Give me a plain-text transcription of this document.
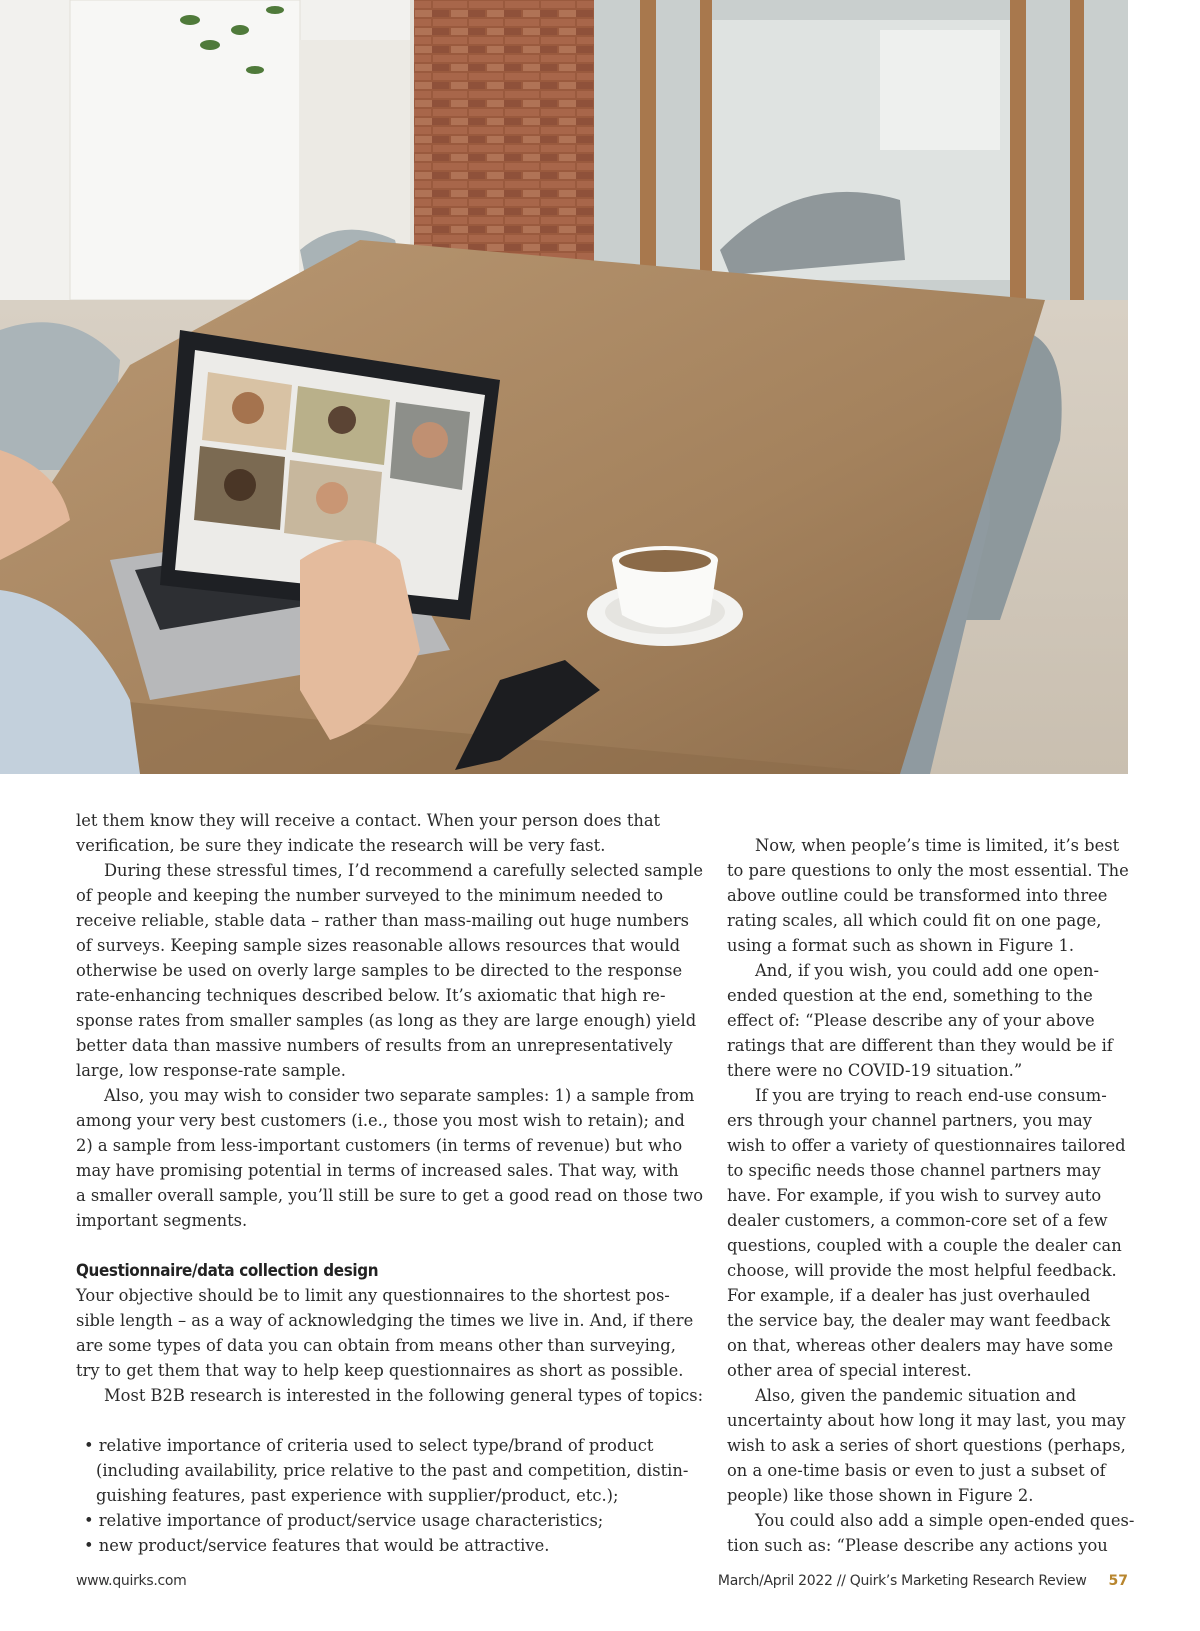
let them know they will receive a contact. When your person does that

verification, be sure they indicate the research will be very fast.

During these stressful times, I’d recommend a carefully selected sample

of people and keeping the number surveyed to the minimum needed to

receive reliable, stable data – rather than mass-mailing out huge numbers

of surveys. Keeping sample sizes reasonable allows resources that would

otherwise be used on overly large samples to be directed to the response

rate-enhancing techniques described below. It’s axiomatic that high re-

sponse rates from smaller samples (as long as they are large enough) yield

better data than massive numbers of results from an unrepresentatively

large, low response-rate sample.

Also, you may wish to consider two separate samples: 1) a sample from

among your very best customers (i.e., those you most wish to retain); and

2) a sample from less-important customers (in terms of revenue) but who

may have promising potential in terms of increased sales. That way, with

a smaller overall sample, you’ll still be sure to get a good read on those two

important segments.

Questionnaire/data collection design

Your objective should be to limit any questionnaires to the shortest pos-

sible length – as a way of acknowledging the times we live in. And, if there

are some types of data you can obtain from means other than surveying,

try to get them that way to help keep questionnaires as short as possible.

Most B2B research is interested in the following general types of topics:

• relative importance of criteria used to select type/brand of product

(including availability, price relative to the past and competition, distin-

guishing features, past experience with supplier/product, etc.);

• relative importance of product/service usage characteristics;

• new product/service features that would be attractive.

Now, when people’s time is limited, it’s best

to pare questions to only the most essential. The

above outline could be transformed into three

rating scales, all which could fit on one page,

using a format such as shown in Figure 1.

And, if you wish, you could add one open-

ended question at the end, something to the

effect of: “Please describe any of your above

ratings that are different than they would be if

there were no COVID-19 situation.”

If you are trying to reach end-use consum-

ers through your channel partners, you may

wish to offer a variety of questionnaires tailored

to specific needs those channel partners may

have. For example, if you wish to survey auto

dealer customers, a common-core set of a few

questions, coupled with a couple the dealer can

choose, will provide the most helpful feedback.

For example, if a dealer has just overhauled

the service bay, the dealer may want feedback

on that, whereas other dealers may have some

other area of special interest.

Also, given the pandemic situation and

uncertainty about how long it may last, you may

wish to ask a series of short questions (perhaps,

on a one-time basis or even to just a subset of

people) like those shown in Figure 2.

You could also add a simple open-ended ques-

tion such as: “Please describe any actions you

www.quirks.com	March/April 2022 // Quirk’s Marketing Research Review 57
